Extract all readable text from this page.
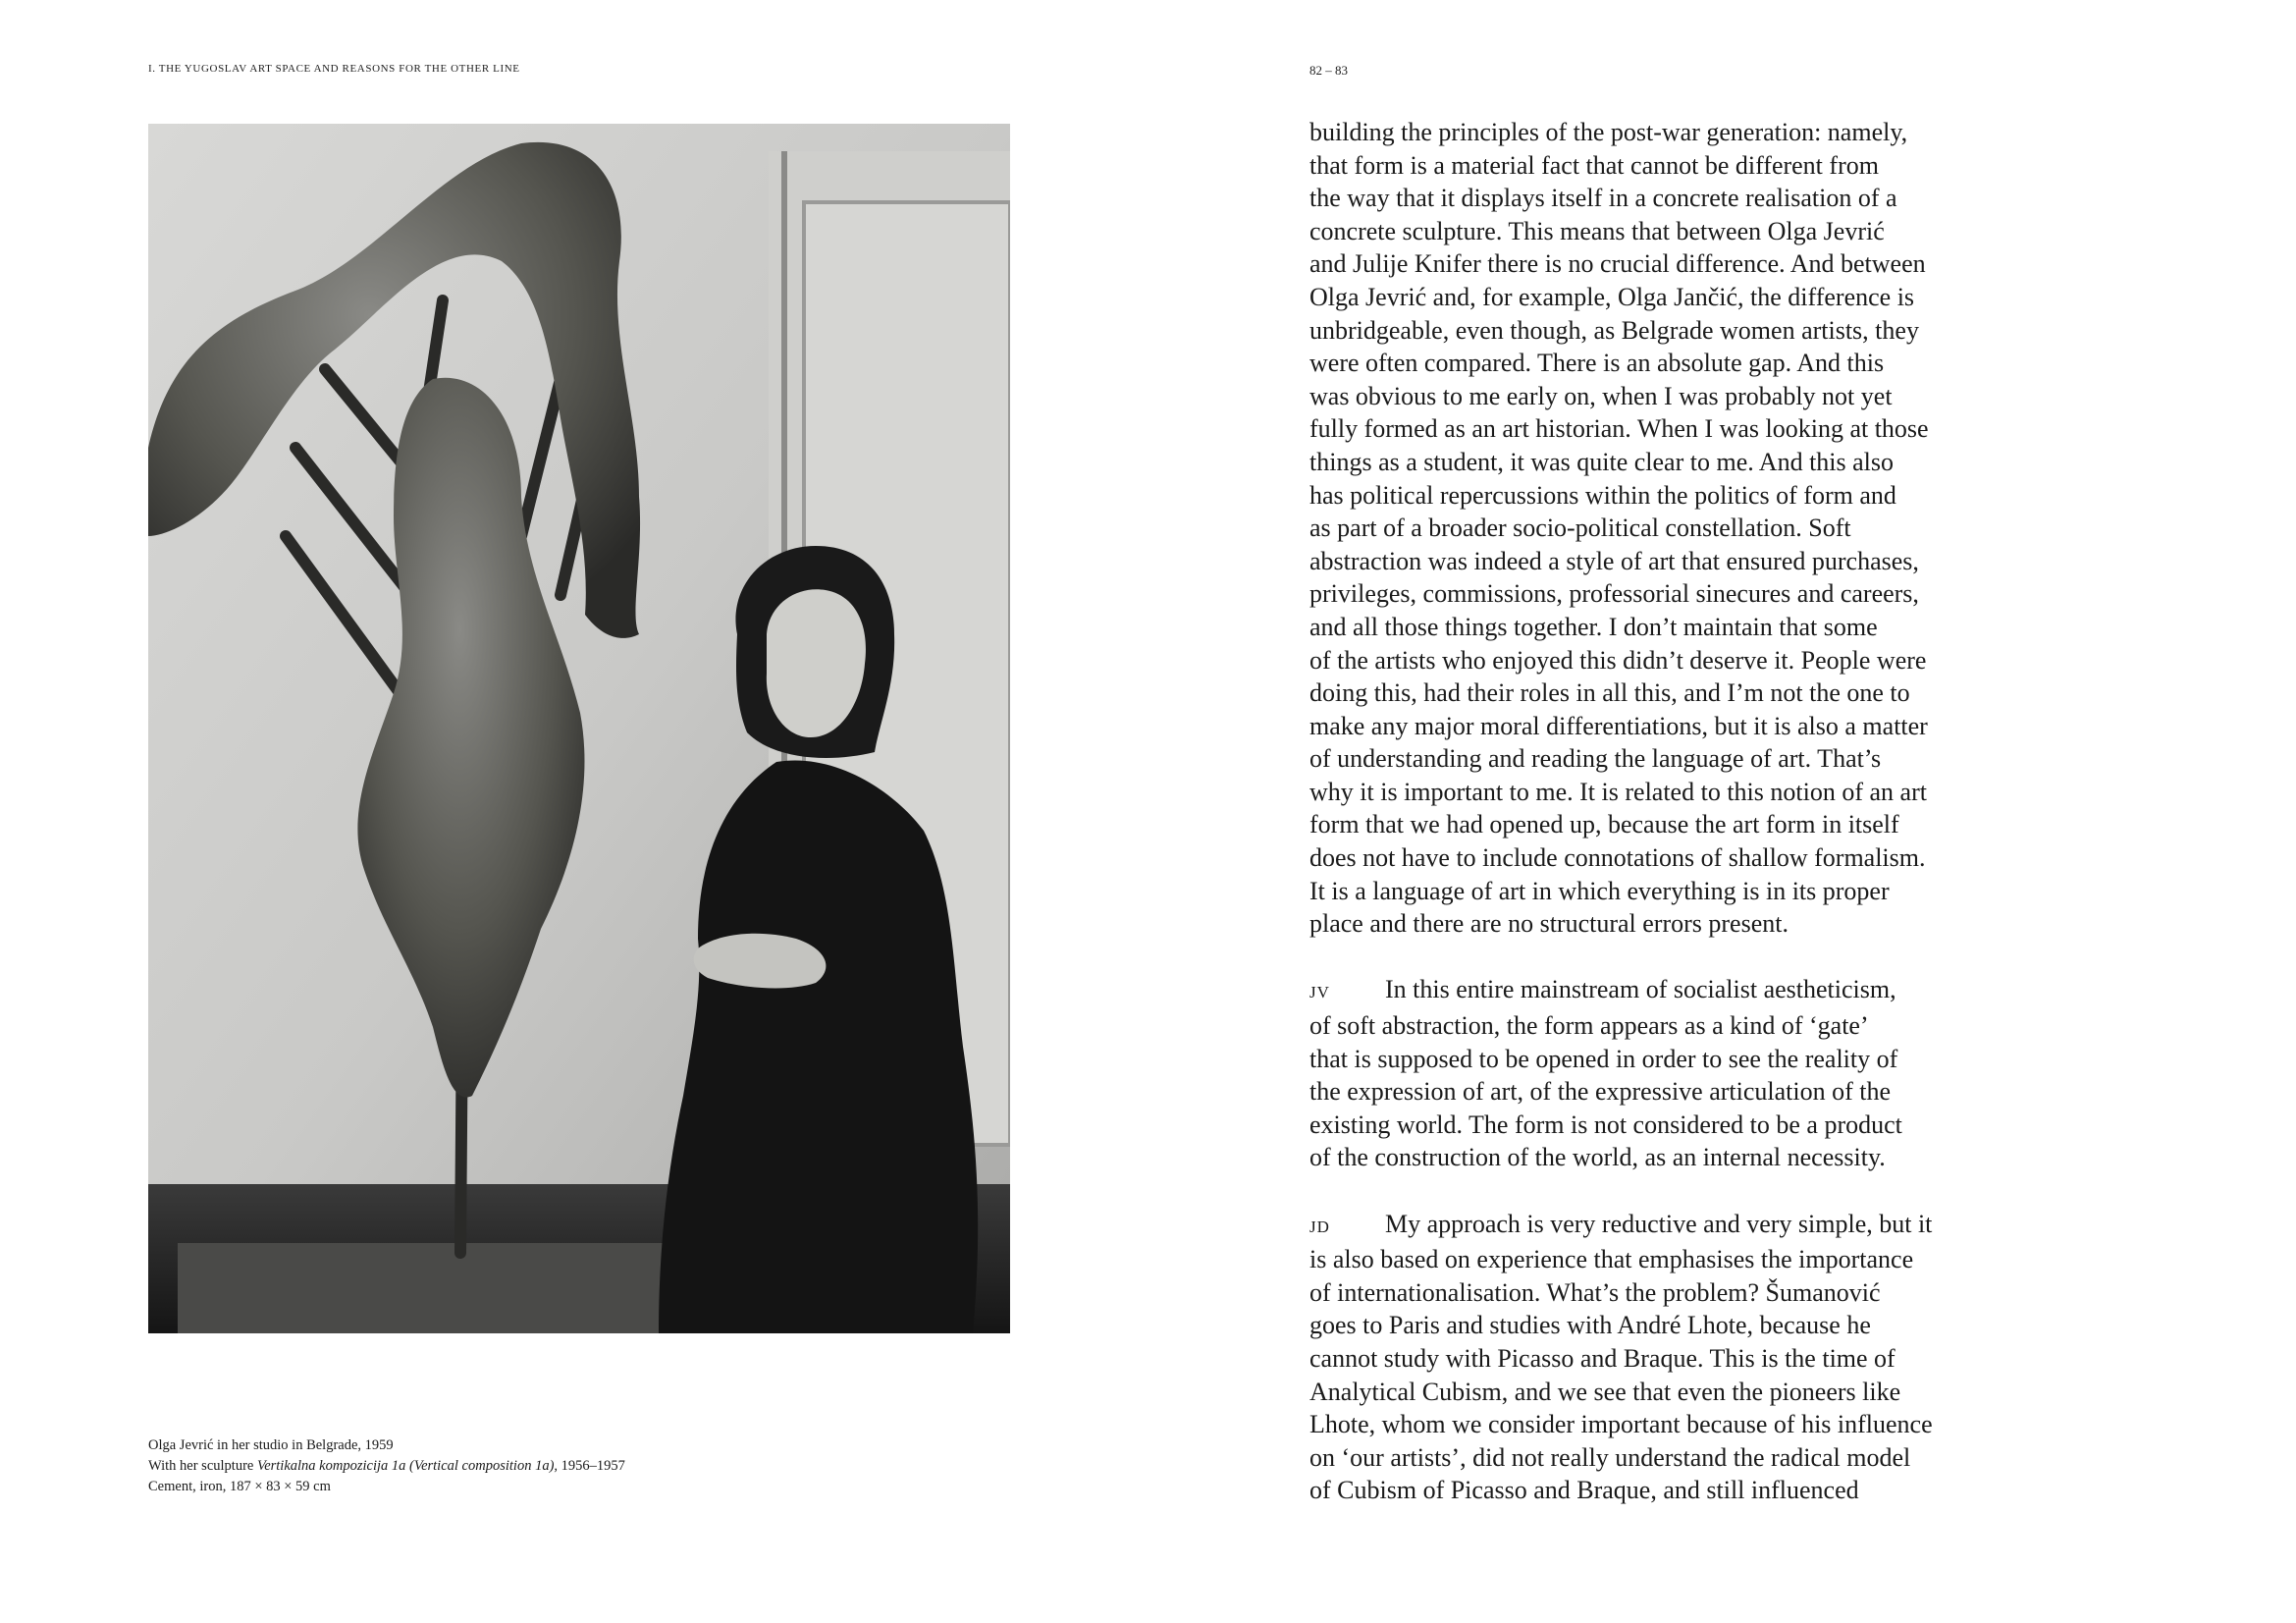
I. THE YUGOSLAV ART SPACE AND REASONS FOR THE OTHER LINE	82 – 83
Olga Jevrić in her studio in Belgrade, 1959
With her sculpture Vertikalna kompozicija 1a (Vertical composition 1a), 1956–1957
Cement, iron, 187 × 83 × 59 cm
building the principles of the post-war generation: namely,
that form is a material fact that cannot be different from
the way that it displays itself in a concrete realisation of a
concrete sculpture. This means that between Olga Jevrić
and Julije Knifer there is no crucial difference. And between
Olga Jevrić and, for example, Olga Jančić, the difference is
unbridgeable, even though, as Belgrade women artists, they
were often compared. There is an absolute gap. And this
was obvious to me early on, when I was probably not yet
fully formed as an art historian. When I was looking at those
things as a student, it was quite clear to me. And this also
has political repercussions within the politics of form and
as part of a broader socio-political constellation. Soft
abstraction was indeed a style of art that ensured purchases,
privileges, commissions, professorial sinecures and careers,
and all those things together. I don’t maintain that some
of the artists who enjoyed this didn’t deserve it. People were
doing this, had their roles in all this, and I’m not the one to
make any major moral differentiations, but it is also a matter
of understanding and reading the language of art. That’s
why it is important to me. It is related to this notion of an art
form that we had opened up, because the art form in itself
does not have to include connotations of shallow formalism.
It is a language of art in which everything is in its proper
place and there are no structural errors present.
JV In this entire mainstream of socialist aestheticism,
of soft abstraction, the form appears as a kind of ‘gate’
that is supposed to be opened in order to see the reality of
the expression of art, of the expressive articulation of the
existing world. The form is not considered to be a product
of the construction of the world, as an internal necessity.
JD My approach is very reductive and very simple, but it
is also based on experience that emphasises the importance
of internationalisation. What’s the problem? Šumanović
goes to Paris and studies with André Lhote, because he
cannot study with Picasso and Braque. This is the time of
Analytical Cubism, and we see that even the pioneers like
Lhote, whom we consider important because of his influence
on ‘our artists’, did not really understand the radical model
of Cubism of Picasso and Braque, and still influenced
